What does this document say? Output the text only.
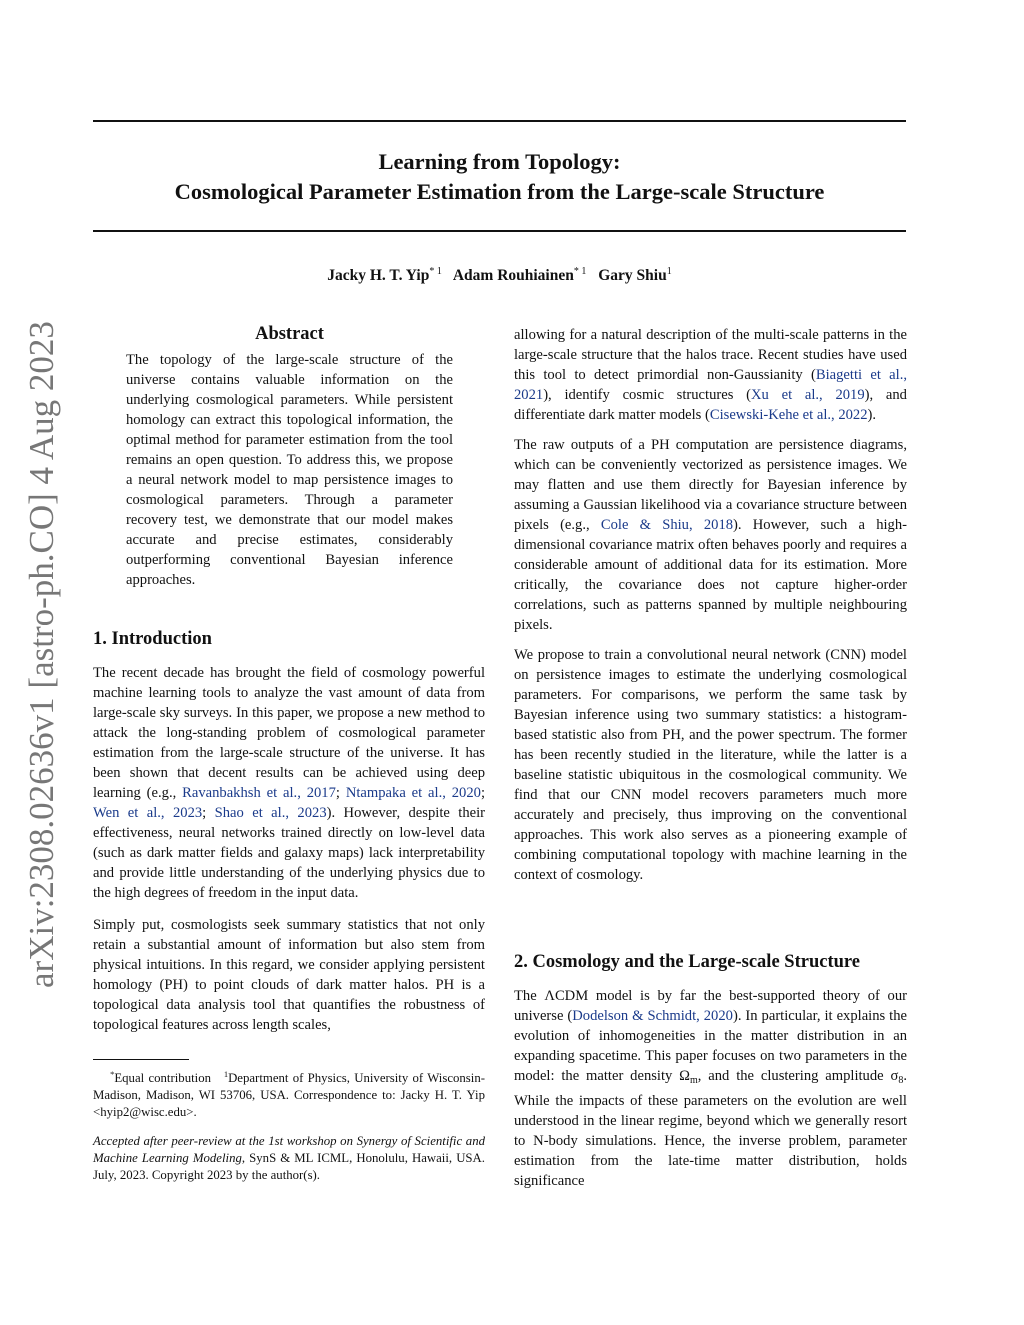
arXiv:2308.02636v1 [astro-ph.CO] 4 Aug 2023
Learning from Topology:
Cosmological Parameter Estimation from the Large-scale Structure
Jacky H. T. Yip$^{* 1}$ Adam Rouhiainen$^{* 1}$ Gary Shiu$^1$
Abstract

The topology of the large-scale structure of the universe contains valuable information on the underlying cosmological parameters. While persistent homology can extract this topological information, the optimal method for parameter estimation from the tool remains an open question. To address this, we propose a neural network model to map persistence images to cosmological parameters. Through a parameter recovery test, we demonstrate that our model makes accurate and precise estimates, considerably outperforming conventional Bayesian inference approaches.

1. Introduction

The recent decade has brought the field of cosmology powerful machine learning tools to analyze the vast amount of data from large-scale sky surveys. In this paper, we propose a new method to attack the long-standing problem of cosmological parameter estimation from the large-scale structure of the universe. It has been shown that decent results can be achieved using deep learning (e.g., Ravanbakhsh et al., 2017; Ntampaka et al., 2020; Wen et al., 2023; Shao et al., 2023). However, despite their effectiveness, neural networks trained directly on low-level data (such as dark matter fields and galaxy maps) lack interpretability and provide little understanding of the underlying physics due to the high degrees of freedom in the input data.

Simply put, cosmologists seek summary statistics that not only retain a substantial amount of information but also stem from physical intuitions. In this regard, we consider applying persistent homology (PH) to point clouds of dark matter halos. PH is a topological data analysis tool that quantifies the robustness of topological features across length scales,

*Equal contribution $^1$Department of Physics, University of Wisconsin-Madison, Madison, WI 53706, USA. Correspondence to: Jacky H. T. Yip <hyip2@wisc.edu>.
Accepted after peer-review at the 1st workshop on Synergy of Scientific and Machine Learning Modeling, SynS & ML ICML, Honolulu, Hawaii, USA. July, 2023. Copyright 2023 by the author(s).

allowing for a natural description of the multi-scale patterns in the large-scale structure that the halos trace. Recent studies have used this tool to detect primordial non-Gaussianity (Biagetti et al., 2021), identify cosmic structures (Xu et al., 2019), and differentiate dark matter models (Cisewski-Kehe et al., 2022).

The raw outputs of a PH computation are persistence diagrams, which can be conveniently vectorized as persistence images. We may flatten and use them directly for Bayesian inference by assuming a Gaussian likelihood via a covariance structure between pixels (e.g., Cole & Shiu, 2018). However, such a high-dimensional covariance matrix often behaves poorly and requires a considerable amount of additional data for its estimation. More critically, the covariance does not capture higher-order correlations, such as patterns spanned by multiple neighbouring pixels.

We propose to train a convolutional neural network (CNN) model on persistence images to estimate the underlying cosmological parameters. For comparisons, we perform the same task by Bayesian inference using two summary statistics: a histogram-based statistic also from PH, and the power spectrum. The former has been recently studied in the literature, while the latter is a baseline statistic ubiquitous in the cosmological community. We find that our CNN model recovers parameters much more accurately and precisely, thus improving on the conventional approaches. This work also serves as a pioneering example of combining computational topology with machine learning in the context of cosmology.

2. Cosmology and the Large-scale Structure

The ΛCDM model is by far the best-supported theory of our universe (Dodelson & Schmidt, 2020). In particular, it explains the evolution of inhomogeneities in the matter distribution in an expanding spacetime. This paper focuses on two parameters in the model: the matter density $\Omega_m$, and the clustering amplitude $\sigma_8$. While the impacts of these parameters on the evolution are well understood in the linear regime, beyond which we generally resort to N-body simulations. Hence, the inverse problem, parameter estimation from the late-time matter distribution, holds significance
